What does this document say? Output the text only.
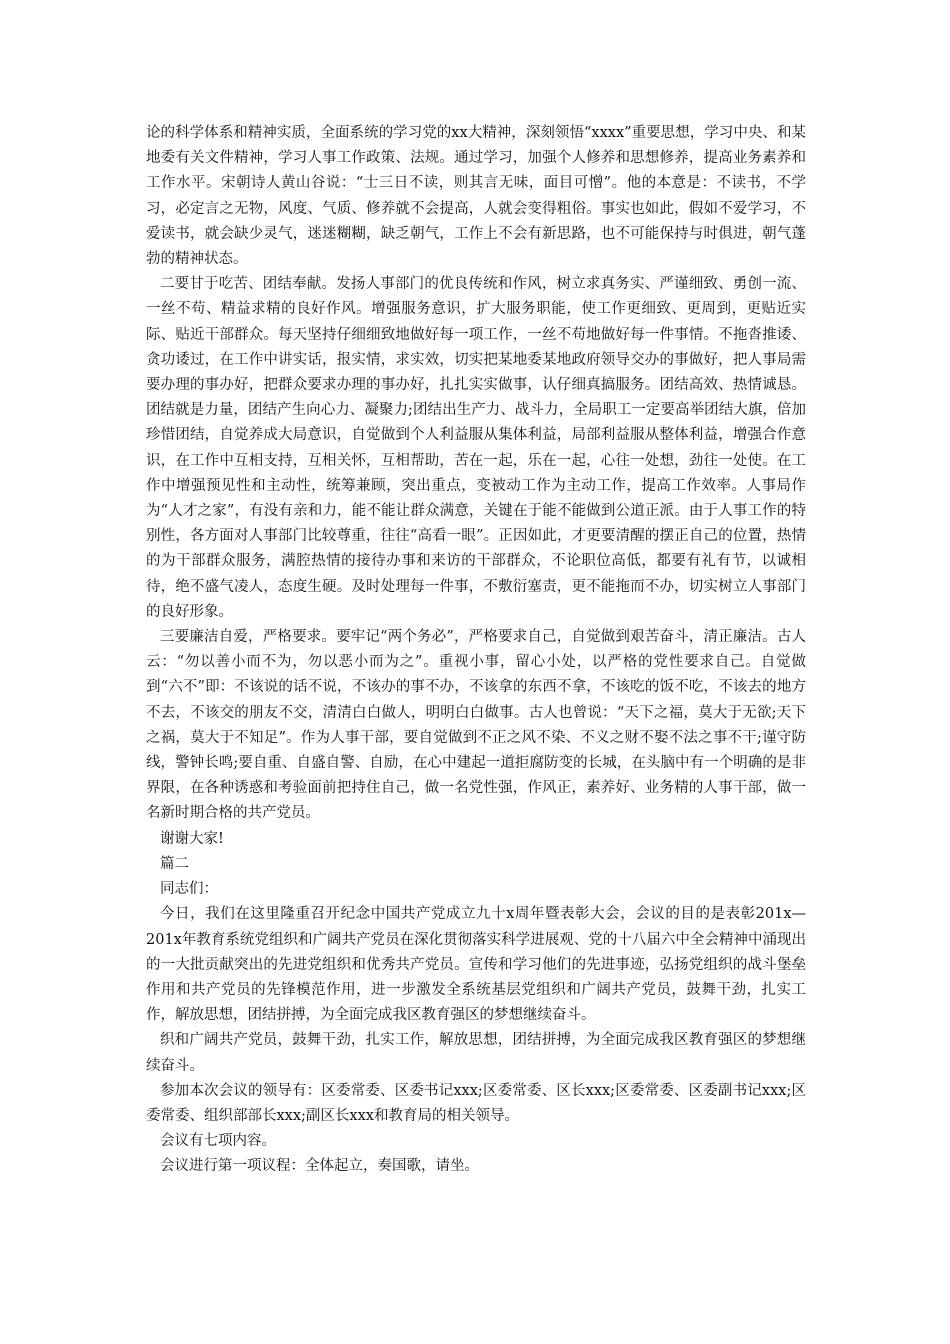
论的科学体系和精神实质，全面系统的学习党的xx大精神，深刻领悟“xxxx”重要思想，学习中央、和某地委有关文件精神，学习人事工作政策、法规。通过学习，加强个人修养和思想修养，提高业务素养和工作水平。宋朝诗人黄山谷说：“士三日不读，则其言无味，面目可憎”。他的本意是：不读书，不学习，必定言之无物，风度、气质、修养就不会提高，人就会变得粗俗。事实也如此，假如不爱学习，不爱读书，就会缺少灵气，迷迷糊糊，缺乏朝气，工作上不会有新思路，也不可能保持与时俱进，朝气蓬勃的精神状态。

二要甘于吃苦、团结奉献。发扬人事部门的优良传统和作风，树立求真务实、严谨细致、勇创一流、一丝不苟、精益求精的良好作风。增强服务意识，扩大服务职能，使工作更细致、更周到，更贴近实际、贴近干部群众。每天坚持仔细细致地做好每一项工作，一丝不苟地做好每一件事情。不拖沓推诿、贪功诿过，在工作中讲实话，报实情，求实效，切实把某地委某地政府领导交办的事做好，把人事局需要办理的事办好，把群众要求办理的事办好，扎扎实实做事，认仔细真搞服务。团结高效、热情诚恳。团结就是力量，团结产生向心力、凝聚力;团结出生产力、战斗力，全局职工一定要高举团结大旗，倍加珍惜团结，自觉养成大局意识，自觉做到个人利益服从集体利益，局部利益服从整体利益，增强合作意识，在工作中互相支持，互相关怀，互相帮助，苦在一起，乐在一起，心往一处想，劲往一处使。在工作中增强预见性和主动性，统筹兼顾，突出重点，变被动工作为主动工作，提高工作效率。人事局作为“人才之家”，有没有亲和力，能不能让群众满意，关键在于能不能做到公道正派。由于人事工作的特别性，各方面对人事部门比较尊重，往往“高看一眼”。正因如此，才更要清醒的摆正自己的位置，热情的为干部群众服务，满腔热情的接待办事和来访的干部群众，不论职位高低，都要有礼有节，以诚相待，绝不盛气凌人，态度生硬。及时处理每一件事，不敷衍塞责，更不能拖而不办，切实树立人事部门的良好形象。

三要廉洁自爱，严格要求。要牢记“两个务必”，严格要求自己，自觉做到艰苦奋斗，清正廉洁。古人云：“勿以善小而不为，勿以恶小而为之”。重视小事，留心小处，以严格的党性要求自己。自觉做到“六不”即：不该说的话不说，不该办的事不办，不该拿的东西不拿，不该吃的饭不吃，不该去的地方不去，不该交的朋友不交，清清白白做人，明明白白做事。古人也曾说：“天下之福，莫大于无欲;天下之祸，莫大于不知足”。作为人事干部，要自觉做到不正之风不染、不义之财不娶不法之事不干;谨守防线，警钟长鸣;要自重、自盛自警、自励，在心中建起一道拒腐防变的长城，在头脑中有一个明确的是非界限，在各种诱惑和考验面前把持住自己，做一名党性强，作风正，素养好、业务精的人事干部，做一名新时期合格的共产党员。

谢谢大家!

篇二

同志们：

今日，我们在这里隆重召开纪念中国共产党成立九十x周年暨表彰大会，会议的目的是表彰201x—201x年教育系统党组织和广阔共产党员在深化贯彻落实科学进展观、党的十八届六中全会精神中涌现出的一大批贡献突出的先进党组织和优秀共产党员。宣传和学习他们的先进事迹，弘扬党组织的战斗堡垒作用和共产党员的先锋模范作用，进一步激发全系统基层党组织和广阔共产党员，鼓舞干劲，扎实工作，解放思想，团结拼搏，为全面完成我区教育强区的梦想继续奋斗。

织和广阔共产党员，鼓舞干劲，扎实工作，解放思想，团结拼搏，为全面完成我区教育强区的梦想继续奋斗。

参加本次会议的领导有：区委常委、区委书记xxx;区委常委、区长xxx;区委常委、区委副书记xxx;区委常委、组织部部长xxx;副区长xxx和教育局的相关领导。

会议有七项内容。

会议进行第一项议程：全体起立，奏国歌，请坐。
